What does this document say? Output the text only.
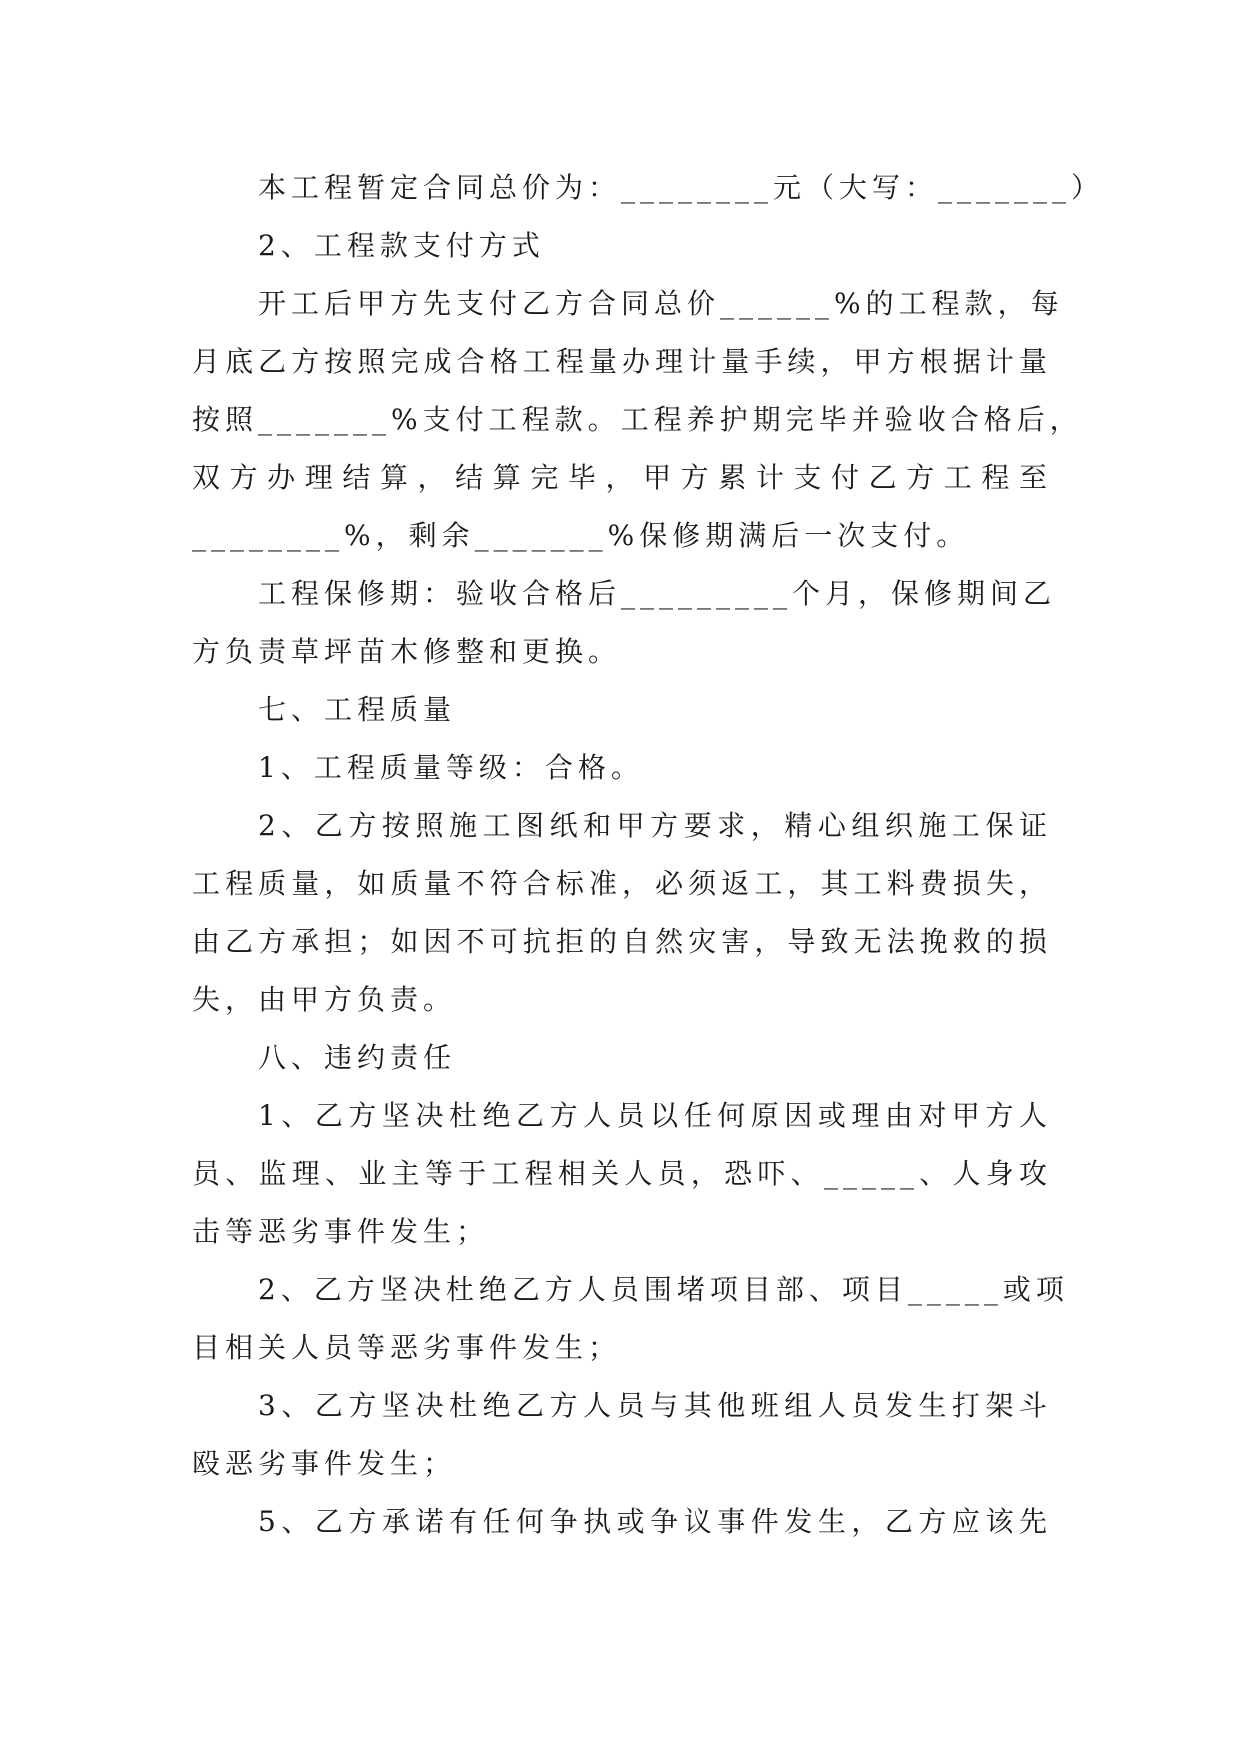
本工程暂定合同总价为：________元（大写：_______）
2、工程款支付方式
开工后甲方先支付乙方合同总价______%的工程款，每
月底乙方按照完成合格工程量办理计量手续，甲方根据计量
按照_______%支付工程款。工程养护期完毕并验收合格后，
双方办理结算，结算完毕，甲方累计支付乙方工程至
________%，剩余_______%保修期满后一次支付。
工程保修期：验收合格后_________个月，保修期间乙
方负责草坪苗木修整和更换。
七、工程质量
1、工程质量等级：合格。
2、乙方按照施工图纸和甲方要求，精心组织施工保证
工程质量，如质量不符合标准，必须返工，其工料费损失，
由乙方承担；如因不可抗拒的自然灾害，导致无法挽救的损
失，由甲方负责。
八、违约责任
1、乙方坚决杜绝乙方人员以任何原因或理由对甲方人
员、监理、业主等于工程相关人员，恐吓、_____、人身攻
击等恶劣事件发生；
2、乙方坚决杜绝乙方人员围堵项目部、项目_____或项
目相关人员等恶劣事件发生；
3、乙方坚决杜绝乙方人员与其他班组人员发生打架斗
殴恶劣事件发生；
5、乙方承诺有任何争执或争议事件发生，乙方应该先
